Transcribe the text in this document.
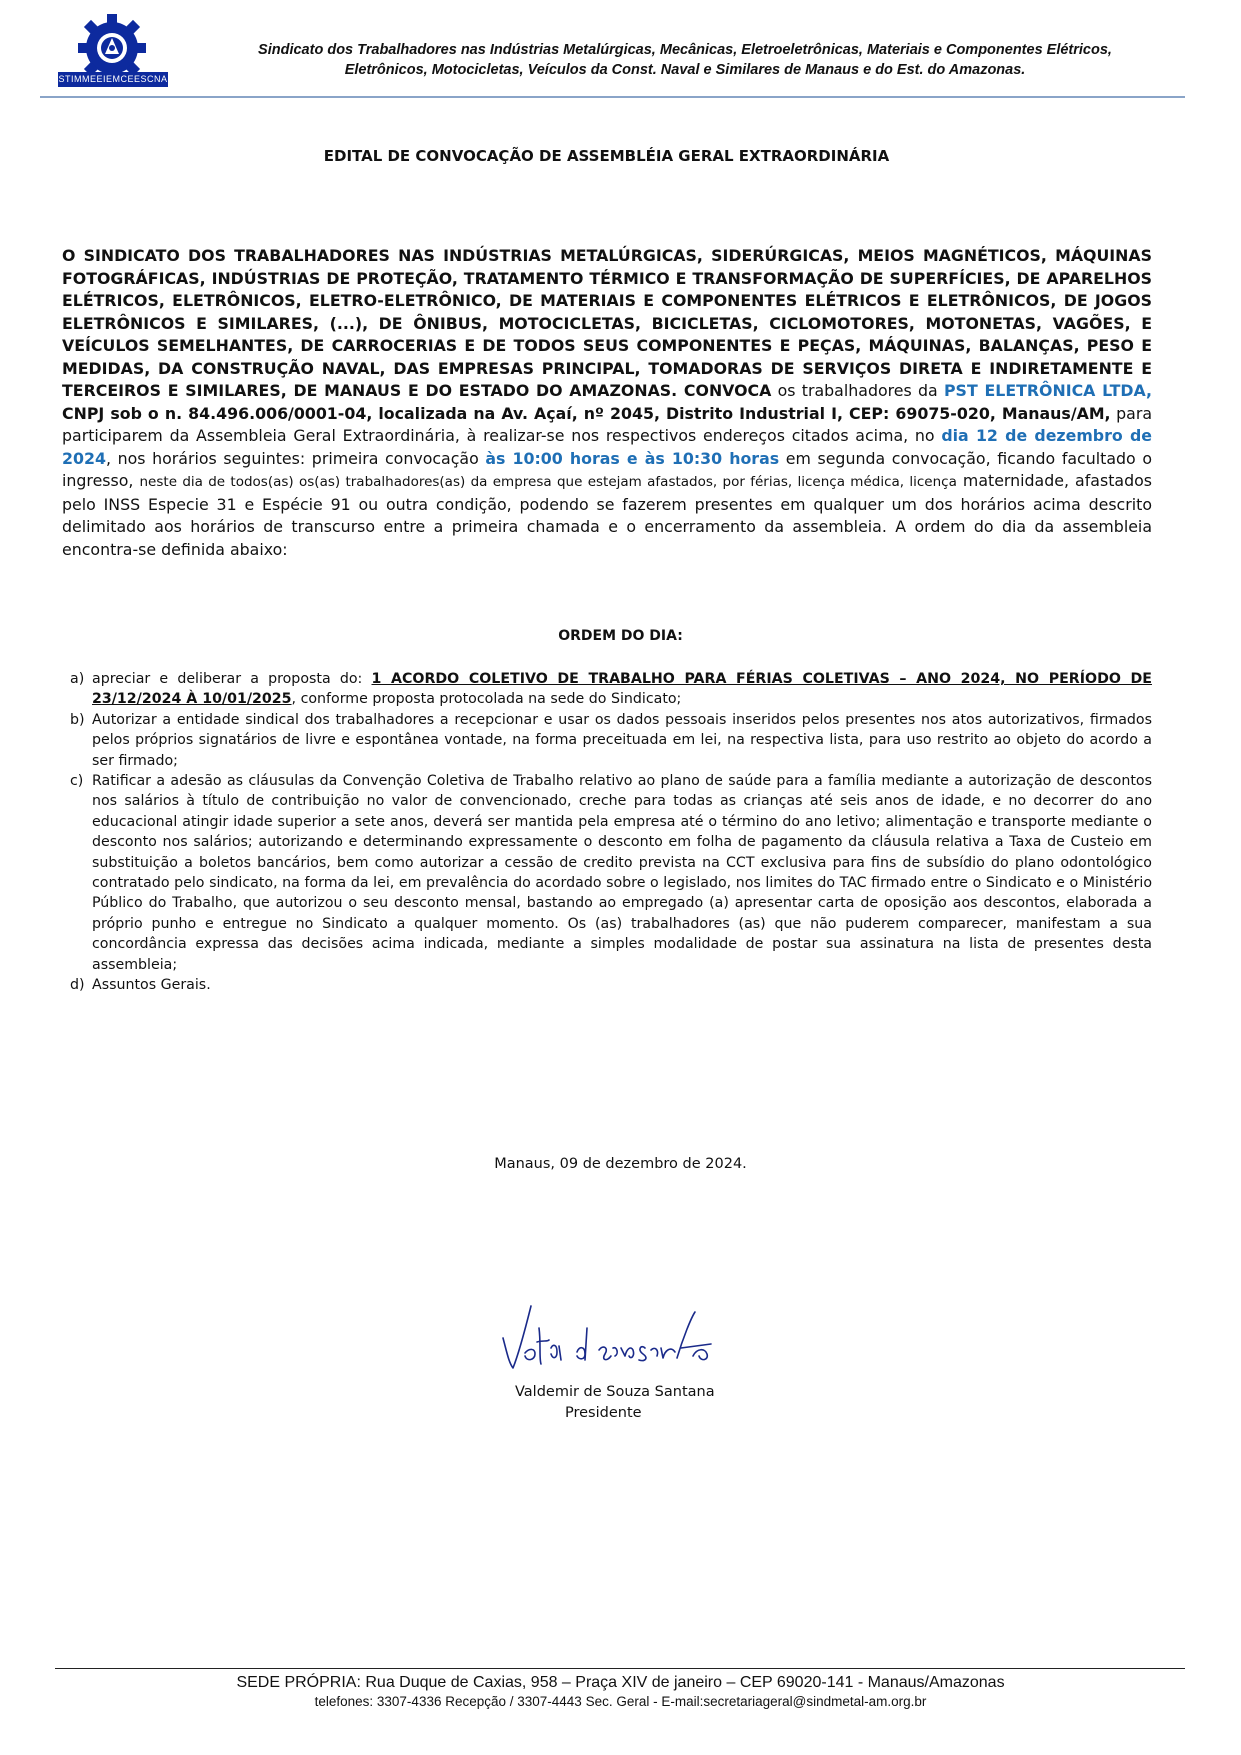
STIMMEEIEMCEESCNA
Sindicato dos Trabalhadores nas Indústrias Metalúrgicas, Mecânicas, Eletroeletrônicas, Materiais e Componentes Elétricos,
Eletrônicos, Motocicletas, Veículos da Const. Naval e Similares de Manaus e do Est. do Amazonas.
EDITAL DE CONVOCAÇÃO DE ASSEMBLÉIA GERAL EXTRAORDINÁRIA
O SINDICATO DOS TRABALHADORES NAS INDÚSTRIAS METALÚRGICAS, SIDERÚRGICAS, MEIOS MAGNÉTICOS, MÁQUINAS FOTOGRÁFICAS, INDÚSTRIAS DE PROTEÇÃO, TRATAMENTO TÉRMICO E TRANSFORMAÇÃO DE SUPERFÍCIES, DE APARELHOS ELÉTRICOS, ELETRÔNICOS, ELETRO-ELETRÔNICO, DE MATERIAIS E COMPONENTES ELÉTRICOS E ELETRÔNICOS, DE JOGOS ELETRÔNICOS E SIMILARES, (...), DE ÔNIBUS, MOTOCICLETAS, BICICLETAS, CICLOMOTORES, MOTONETAS, VAGÕES, E VEÍCULOS SEMELHANTES, DE CARROCERIAS E DE TODOS SEUS COMPONENTES E PEÇAS, MÁQUINAS, BALANÇAS, PESO E MEDIDAS, DA CONSTRUÇÃO NAVAL, DAS EMPRESAS PRINCIPAL, TOMADORAS DE SERVIÇOS DIRETA E INDIRETAMENTE E TERCEIROS E SIMILARES, DE MANAUS E DO ESTADO DO AMAZONAS. CONVOCA os trabalhadores da PST ELETRÔNICA LTDA, CNPJ sob o n. 84.496.006/0001-04, localizada na Av. Açaí, nº 2045, Distrito Industrial I, CEP: 69075-020, Manaus/AM, para participarem da Assembleia Geral Extraordinária, à realizar-se nos respectivos endereços citados acima, no dia 12 de dezembro de 2024, nos horários seguintes: primeira convocação às 10:00 horas e às 10:30 horas em segunda convocação, ficando facultado o ingresso, neste dia de todos(as) os(as) trabalhadores(as) da empresa que estejam afastados, por férias, licença médica, licença maternidade, afastados pelo INSS Especie 31 e Espécie 91 ou outra condição, podendo se fazerem presentes em qualquer um dos horários acima descrito delimitado aos horários de transcurso entre a primeira chamada e o encerramento da assembleia. A ordem do dia da assembleia encontra-se definida abaixo:
ORDEM DO DIA:
a) apreciar e deliberar a proposta do: 1 ACORDO COLETIVO DE TRABALHO PARA FÉRIAS COLETIVAS – ANO 2024, NO PERÍODO DE 23/12/2024 À 10/01/2025, conforme proposta protocolada na sede do Sindicato;
b) Autorizar a entidade sindical dos trabalhadores a recepcionar e usar os dados pessoais inseridos pelos presentes nos atos autorizativos, firmados pelos próprios signatários de livre e espontânea vontade, na forma preceituada em lei, na respectiva lista, para uso restrito ao objeto do acordo a ser firmado;
c) Ratificar a adesão as cláusulas da Convenção Coletiva de Trabalho relativo ao plano de saúde para a família mediante a autorização de descontos nos salários à título de contribuição no valor de convencionado, creche para todas as crianças até seis anos de idade, e no decorrer do ano educacional atingir idade superior a sete anos, deverá ser mantida pela empresa até o término do ano letivo; alimentação e transporte mediante o desconto nos salários; autorizando e determinando expressamente o desconto em folha de pagamento da cláusula relativa a Taxa de Custeio em substituição a boletos bancários, bem como autorizar a cessão de credito prevista na CCT exclusiva para fins de subsídio do plano odontológico contratado pelo sindicato, na forma da lei, em prevalência do acordado sobre o legislado, nos limites do TAC firmado entre o Sindicato e o Ministério Público do Trabalho, que autorizou o seu desconto mensal, bastando ao empregado (a) apresentar carta de oposição aos descontos, elaborada a próprio punho e entregue no Sindicato a qualquer momento. Os (as) trabalhadores (as) que não puderem comparecer, manifestam a sua concordância expressa das decisões acima indicada, mediante a simples modalidade de postar sua assinatura na lista de presentes desta assembleia;
d) Assuntos Gerais.
Manaus, 09 de dezembro de 2024.
Valdemir de Souza Santana
Presidente
SEDE PRÓPRIA: Rua Duque de Caxias, 958 – Praça XIV de janeiro – CEP 69020-141 - Manaus/Amazonas
telefones: 3307-4336 Recepção / 3307-4443 Sec. Geral - E-mail:secretariageral@sindmetal-am.org.br
